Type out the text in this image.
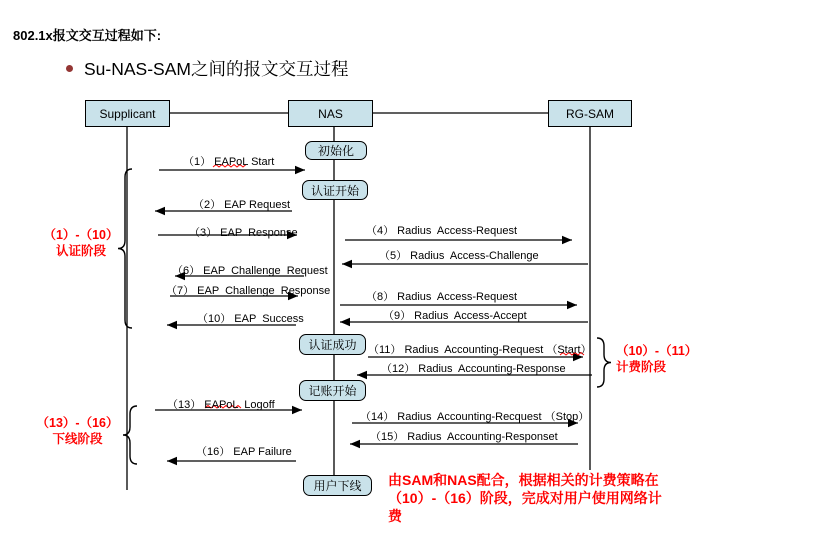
802.1x报文交互过程如下:
Su-NAS-SAM之间的报文交互过程
Supplicant	NAS	RG-SAM
初始化
认证开始
认证成功
记账开始
用户下线
（1） EAPoL Start
（2） EAP Request
（3） EAP  Response	（4） Radius  Access-Request
（5） Radius  Access-Challenge
（6） EAP  Challenge  Request
（7） EAP  Challenge  Response	（8） Radius  Access-Request
（9） Radius  Access-Accept
（10） EAP  Success
（11） Radius  Accounting-Request （Start）
（12） Radius  Accounting-Response
（13） EAPoL  Logoff
（14） Radius  Accounting-Recquest （Stop）
（15） Radius  Accounting-Responset
（16） EAP Failure
（1）-（10）
认证阶段
（13）-（16）
下线阶段
（10）-（11）
计费阶段
由SAM和NAS配合，根据相关的计费策略在
（10）-（16）阶段，完成对用户使用网络计
费
